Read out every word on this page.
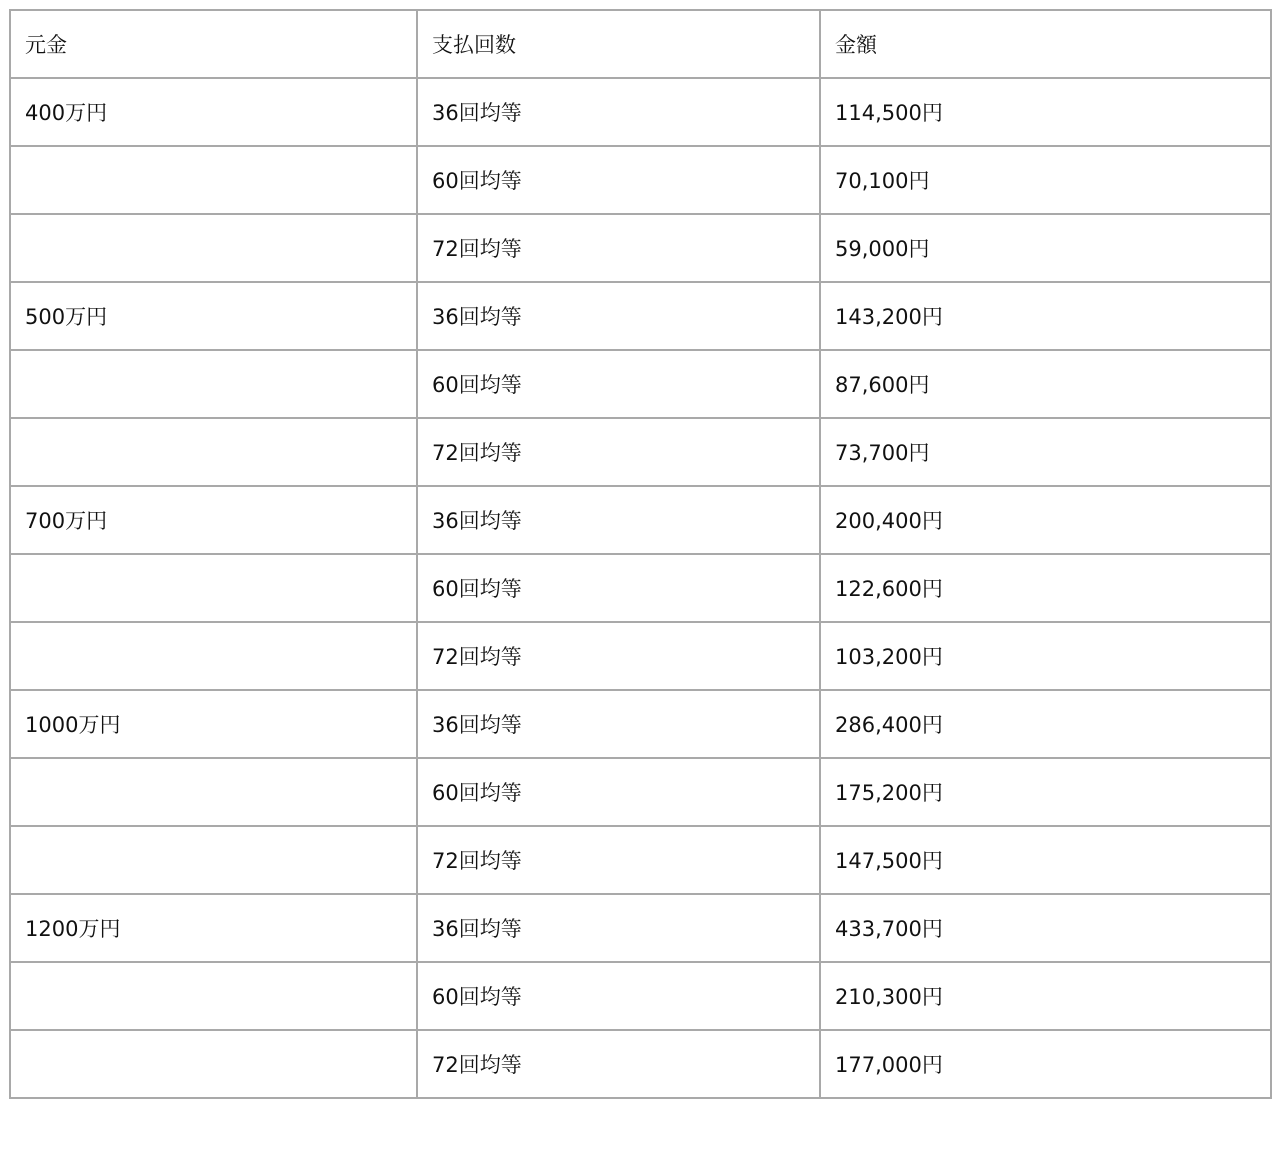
元金	支払回数	金額
400万円	36回均等	114,500円
	60回均等	70,100円
	72回均等	59,000円
500万円	36回均等	143,200円
	60回均等	87,600円
	72回均等	73,700円
700万円	36回均等	200,400円
	60回均等	122,600円
	72回均等	103,200円
1000万円	36回均等	286,400円
	60回均等	175,200円
	72回均等	147,500円
1200万円	36回均等	433,700円
	60回均等	210,300円
	72回均等	177,000円
